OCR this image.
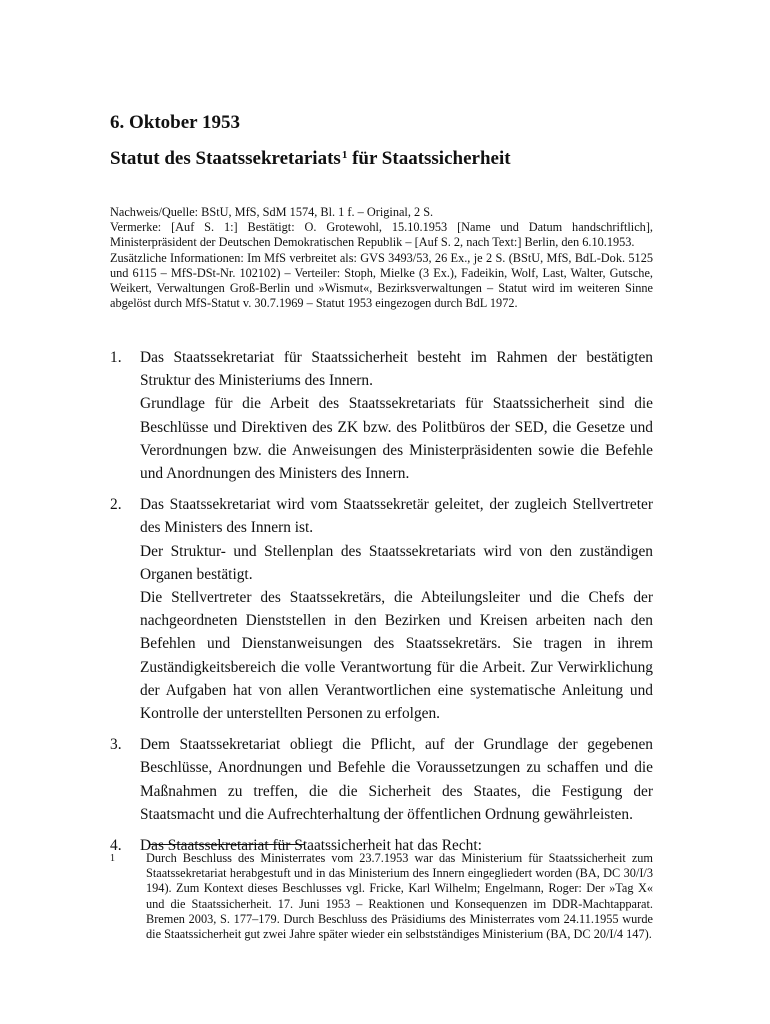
6. Oktober 1953
Statut des Staatssekretariats$^1$ für Staatssicherheit

Nachweis/Quelle: BStU, MfS, SdM 1574, Bl. 1 f. – Original, 2 S.

Vermerke: [Auf S. 1:] Bestätigt: O. Grotewohl, 15.10.1953 [Name und Datum handschriftlich], Ministerpräsident der Deutschen Demokratischen Republik – [Auf S. 2, nach Text:] Berlin, den 6.10.1953.

Zusätzliche Informationen: Im MfS verbreitet als: GVS 3493/53, 26 Ex., je 2 S. (BStU, MfS, BdL-Dok. 5125 und 6115 – MfS-DSt-Nr. 102102) – Verteiler: Stoph, Mielke (3 Ex.), Fadeikin, Wolf, Last, Walter, Gutsche, Weikert, Verwaltungen Groß-Berlin und »Wismut«, Bezirksverwaltungen – Statut wird im weiteren Sinne abgelöst durch MfS-Statut v. 30.7.1969 – Statut 1953 eingezogen durch BdL 1972.

1. Das Staatssekretariat für Staatssicherheit besteht im Rahmen der bestätigten Struktur des Ministeriums des Innern.

Grundlage für die Arbeit des Staatssekretariats für Staatssicherheit sind die Beschlüsse und Direktiven des ZK bzw. des Politbüros der SED, die Gesetze und Verordnungen bzw. die Anweisungen des Ministerpräsidenten sowie die Befehle und Anordnungen des Ministers des Innern.

2. Das Staatssekretariat wird vom Staatssekretär geleitet, der zugleich Stellvertreter des Ministers des Innern ist.

Der Struktur- und Stellenplan des Staatssekretariats wird von den zuständigen Organen bestätigt.

Die Stellvertreter des Staatssekretärs, die Abteilungsleiter und die Chefs der nachgeordneten Dienststellen in den Bezirken und Kreisen arbeiten nach den Befehlen und Dienstanweisungen des Staatssekretärs. Sie tragen in ihrem Zuständigkeitsbereich die volle Verantwortung für die Arbeit. Zur Verwirklichung der Aufgaben hat von allen Verantwortlichen eine systematische Anleitung und Kontrolle der unterstellten Personen zu erfolgen.

3. Dem Staatssekretariat obliegt die Pflicht, auf der Grundlage der gegebenen Beschlüsse, Anordnungen und Befehle die Voraussetzungen zu schaffen und die Maßnahmen zu treffen, die die Sicherheit des Staates, die Festigung der Staatsmacht und die Aufrechterhaltung der öffentlichen Ordnung gewährleisten.

4. Das Staatssekretariat für Staatssicherheit hat das Recht:

1	Durch Beschluss des Ministerrates vom 23.7.1953 war das Ministerium für Staatssicherheit zum Staatssekretariat herabgestuft und in das Ministerium des Innern eingegliedert worden (BA, DC 30/I/3 194). Zum Kontext dieses Beschlusses vgl. Fricke, Karl Wilhelm; Engelmann, Roger: Der »Tag X« und die Staatssicherheit. 17. Juni 1953 – Reaktionen und Konsequenzen im DDR-Machtapparat. Bremen 2003, S. 177–179. Durch Beschluss des Präsidiums des Ministerrates vom 24.11.1955 wurde die Staatssicherheit gut zwei Jahre später wieder ein selbstständiges Ministerium (BA, DC 20/I/4 147).
